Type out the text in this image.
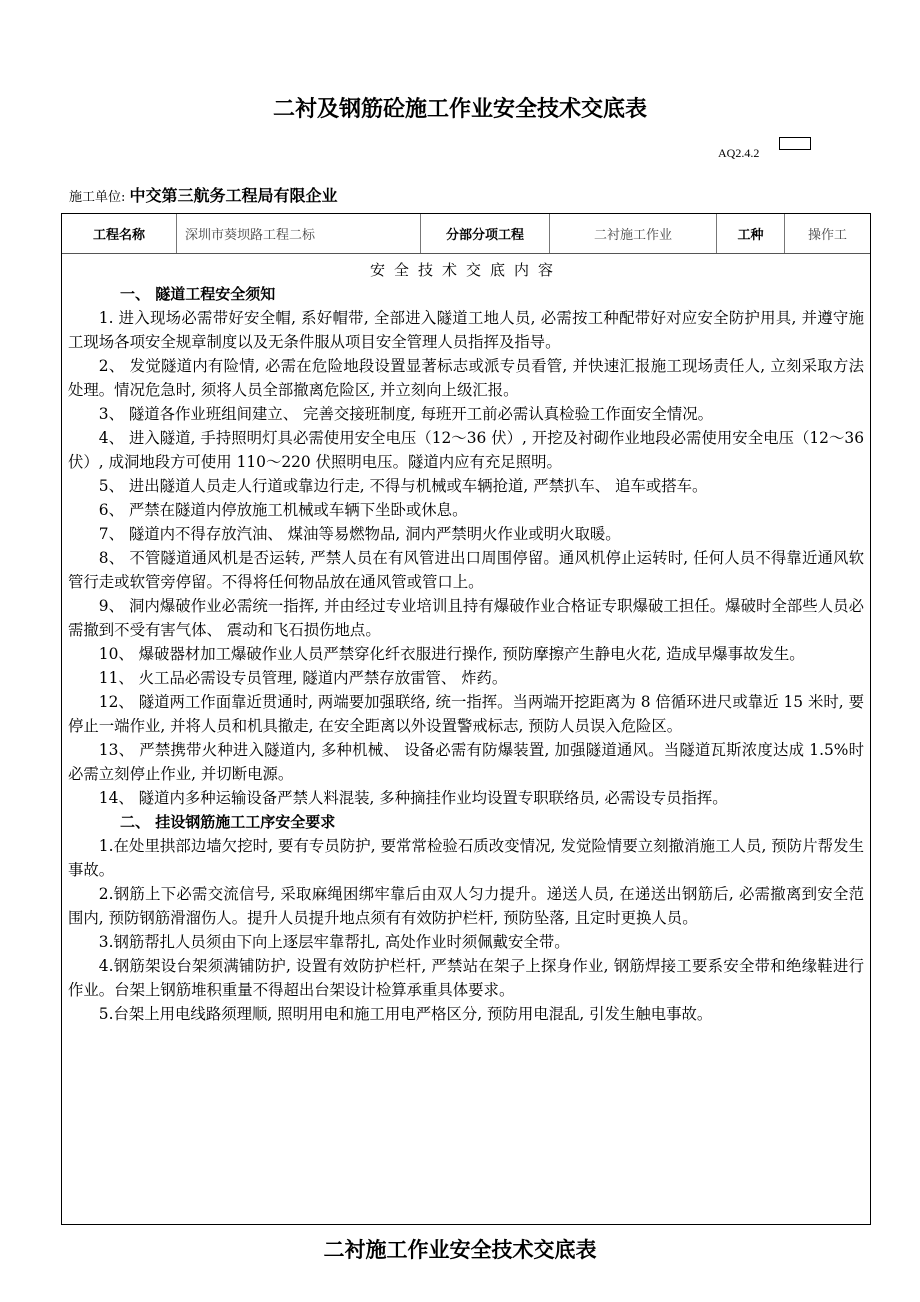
二衬及钢筋砼施工作业安全技术交底表
AQ2.4.2
施工单位: 中交第三航务工程局有限企业
工程名称	深圳市葵坝路工程二标	分部分项工程	二衬施工作业	工种	操作工
安全技术交底内容
一、 隧道工程安全须知

1. 进入现场必需带好安全帽, 系好帽带, 全部进入隧道工地人员, 必需按工种配带好对应安全防护用具, 并遵守施工现场各项安全规章制度以及无条件服从项目安全管理人员指挥及指导。

2、 发觉隧道内有险情, 必需在危险地段设置显著标志或派专员看管, 并快速汇报施工现场责任人, 立刻采取方法处理。情况危急时, 须将人员全部撤离危险区, 并立刻向上级汇报。

3、 隧道各作业班组间建立、 完善交接班制度, 每班开工前必需认真检验工作面安全情况。

4、 进入隧道, 手持照明灯具必需使用安全电压（12～36 伏）, 开挖及衬砌作业地段必需使用安全电压（12～36 伏）, 成洞地段方可使用 110～220 伏照明电压。隧道内应有充足照明。

5、 进出隧道人员走人行道或靠边行走, 不得与机械或车辆抢道, 严禁扒车、 追车或搭车。

6、 严禁在隧道内停放施工机械或车辆下坐卧或休息。

7、 隧道内不得存放汽油、 煤油等易燃物品, 洞内严禁明火作业或明火取暖。

8、 不管隧道通风机是否运转, 严禁人员在有风管进出口周围停留。通风机停止运转时, 任何人员不得靠近通风软管行走或软管旁停留。不得将任何物品放在通风管或管口上。

9、 洞内爆破作业必需统一指挥, 并由经过专业培训且持有爆破作业合格证专职爆破工担任。爆破时全部些人员必需撤到不受有害气体、 震动和飞石损伤地点。

10、 爆破器材加工爆破作业人员严禁穿化纤衣服进行操作, 预防摩擦产生静电火花, 造成早爆事故发生。

11、 火工品必需设专员管理, 隧道内严禁存放雷管、 炸药。

12、 隧道两工作面靠近贯通时, 两端要加强联络, 统一指挥。当两端开挖距离为 8 倍循环进尺或靠近 15 米时, 要停止一端作业, 并将人员和机具撤走, 在安全距离以外设置警戒标志, 预防人员误入危险区。

13、 严禁携带火种进入隧道内, 多种机械、 设备必需有防爆装置, 加强隧道通风。当隧道瓦斯浓度达成 1.5%时必需立刻停止作业, 并切断电源。

14、 隧道内多种运输设备严禁人料混装, 多种摘挂作业均设置专职联络员, 必需设专员指挥。

二、 挂设钢筋施工工序安全要求

1.在处里拱部边墙欠挖时, 要有专员防护, 要常常检验石质改变情况, 发觉险情要立刻撤消施工人员, 预防片帮发生事故。

2.钢筋上下必需交流信号, 采取麻绳困绑牢靠后由双人匀力提升。递送人员, 在递送出钢筋后, 必需撤离到安全范围内, 预防钢筋滑溜伤人。提升人员提升地点须有有效防护栏杆, 预防坠落, 且定时更换人员。

3.钢筋帮扎人员须由下向上逐层牢靠帮扎, 高处作业时须佩戴安全带。

4.钢筋架设台架须满铺防护, 设置有效防护栏杆, 严禁站在架子上探身作业, 钢筋焊接工要系安全带和绝缘鞋进行作业。台架上钢筋堆积重量不得超出台架设计检算承重具体要求。

5.台架上用电线路须理顺, 照明用电和施工用电严格区分, 预防用电混乱, 引发生触电事故。

二衬施工作业安全技术交底表
